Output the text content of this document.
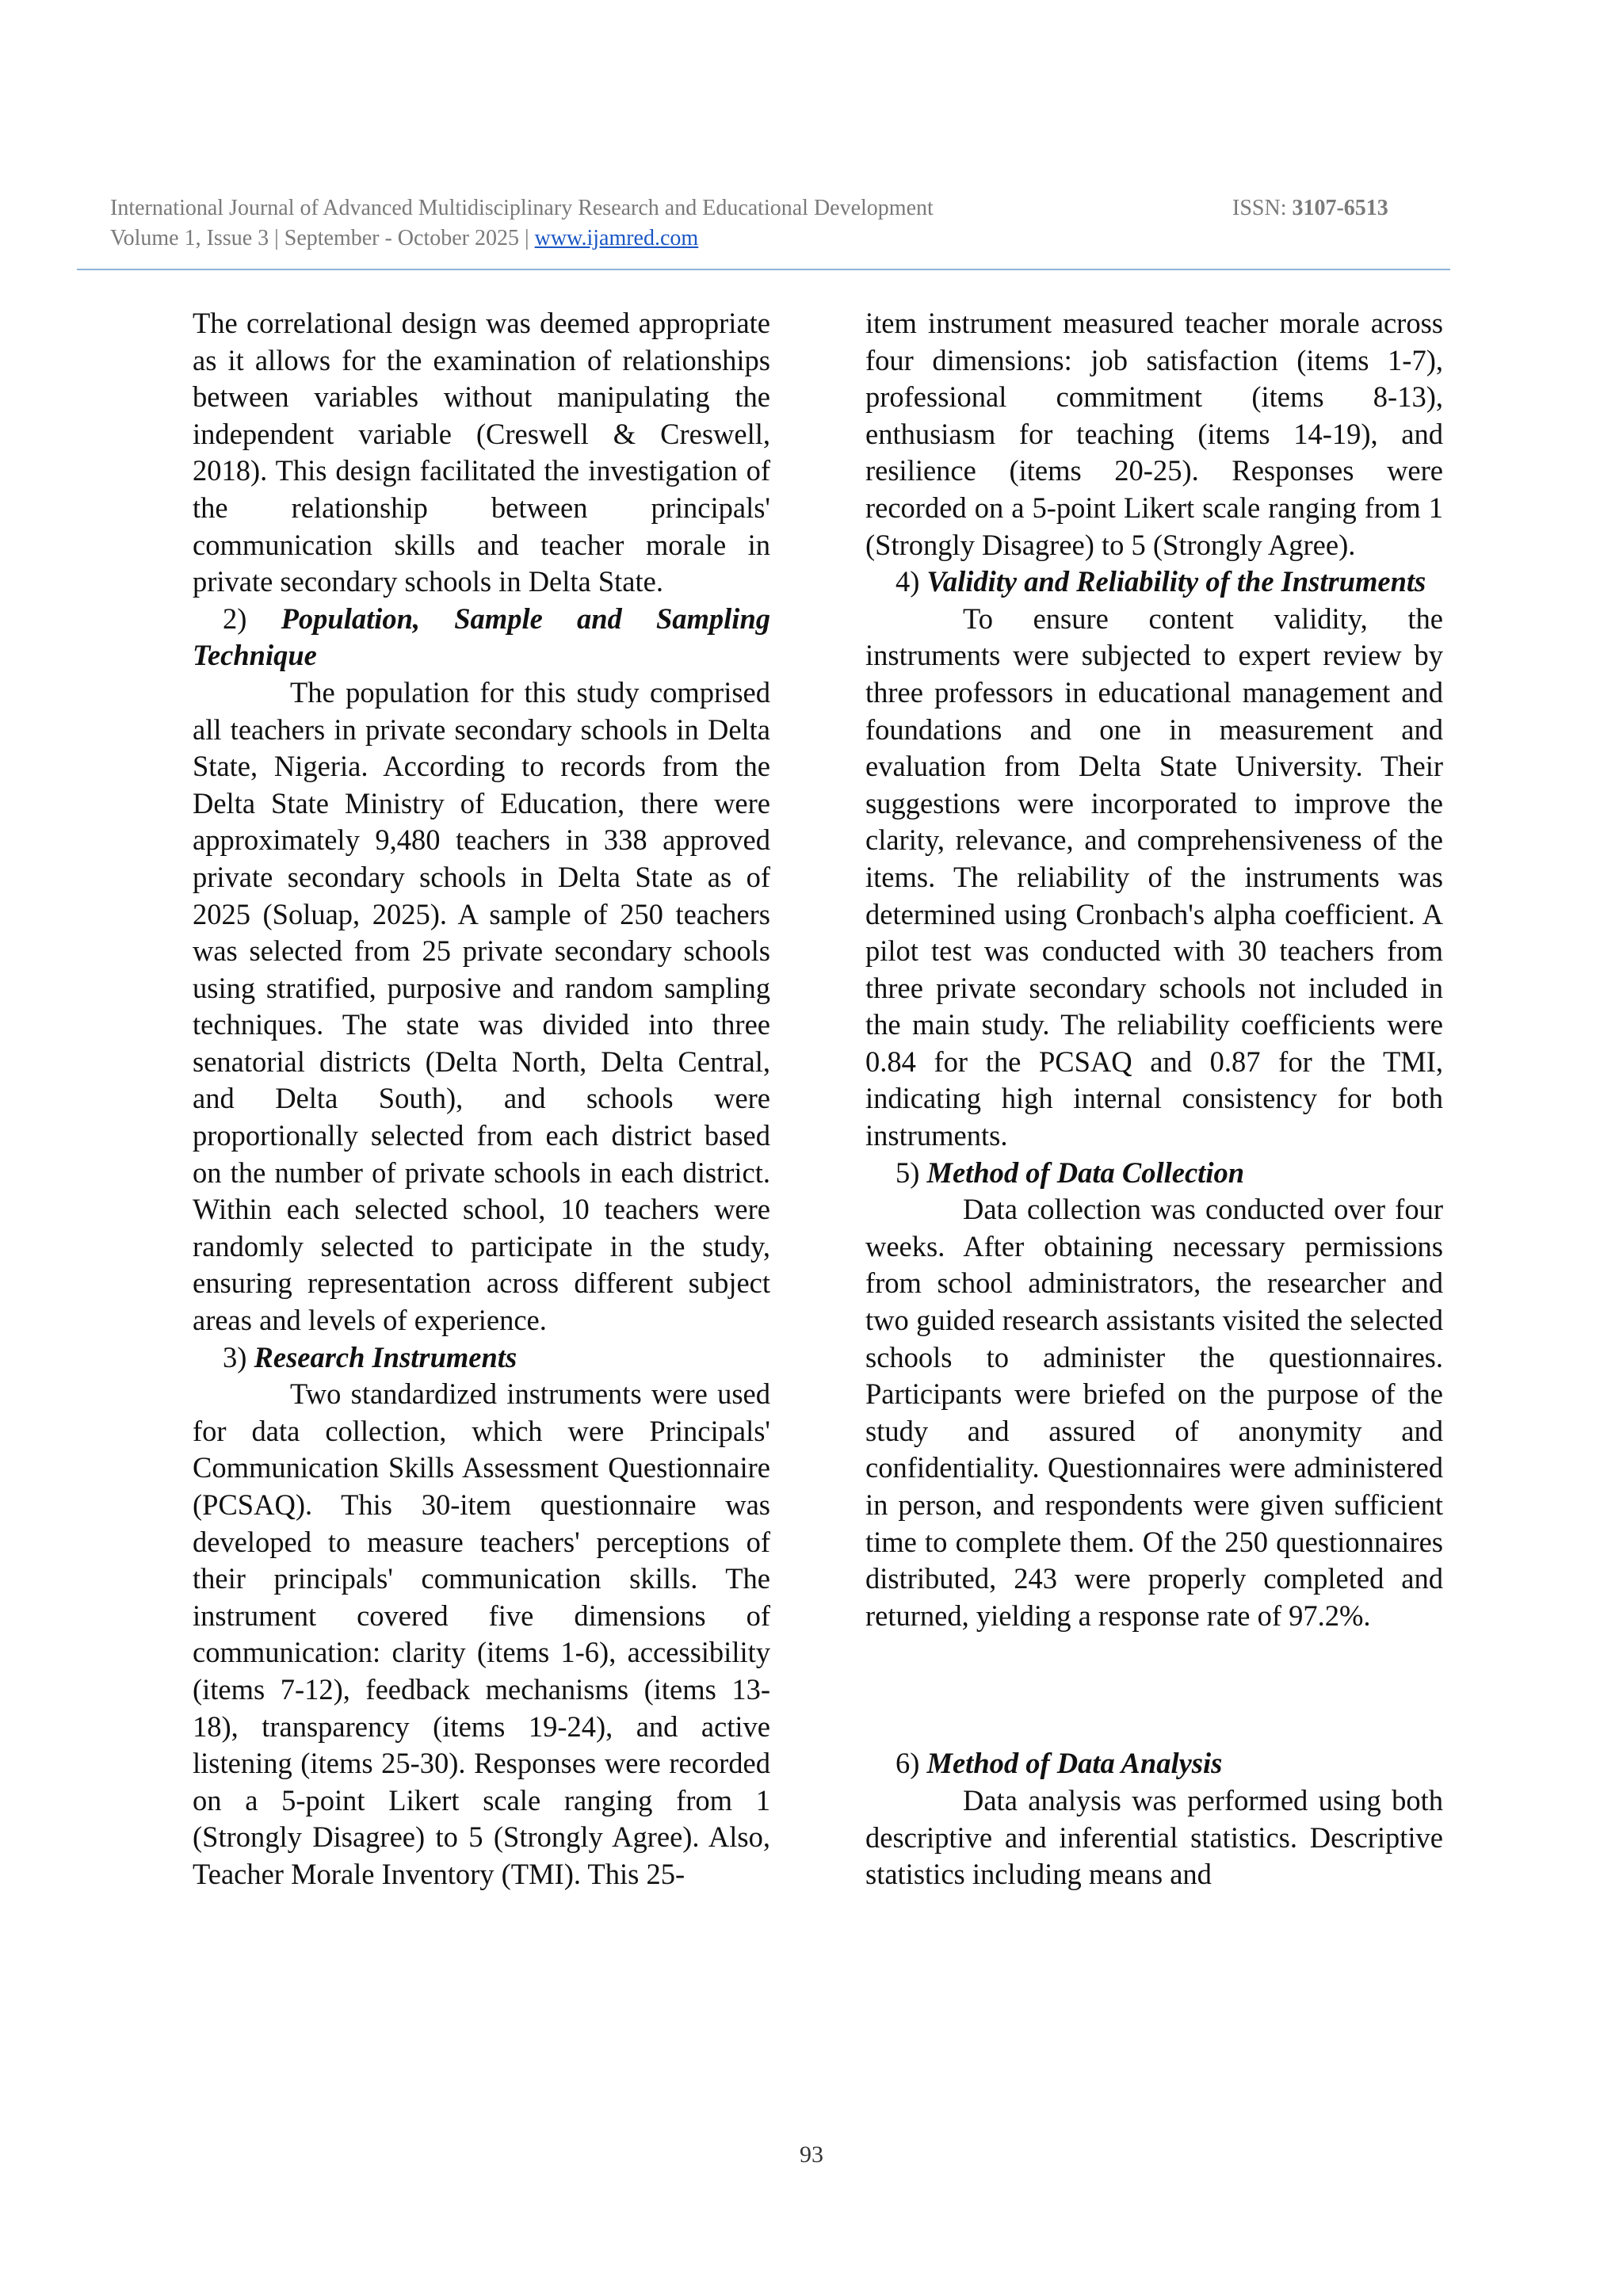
International Journal of Advanced Multidisciplinary Research and Educational Development	ISSN: 3107-6513
Volume 1, Issue 3 | September - October 2025 | www.ijamred.com

The correlational design was deemed appropriate as it allows for the examination of relationships between variables without manipulating the independent variable (Creswell & Creswell, 2018). This design facilitated the investigation of the relationship between principals' communication skills and teacher morale in private secondary schools in Delta State.

2) Population, Sample and Sampling Technique

The population for this study comprised all teachers in private secondary schools in Delta State, Nigeria. According to records from the Delta State Ministry of Education, there were approximately 9,480 teachers in 338 approved private secondary schools in Delta State as of 2025 (Soluap, 2025). A sample of 250 teachers was selected from 25 private secondary schools using stratified, purposive and random sampling techniques. The state was divided into three senatorial districts (Delta North, Delta Central, and Delta South), and schools were proportionally selected from each district based on the number of private schools in each district. Within each selected school, 10 teachers were randomly selected to participate in the study, ensuring representation across different subject areas and levels of experience.

3) Research Instruments

Two standardized instruments were used for data collection, which were Principals' Communication Skills Assessment Questionnaire (PCSAQ). This 30-item questionnaire was developed to measure teachers' perceptions of their principals' communication skills. The instrument covered five dimensions of communication: clarity (items 1-6), accessibility (items 7-12), feedback mechanisms (items 13-18), transparency (items 19-24), and active listening (items 25-30). Responses were recorded on a 5-point Likert scale ranging from 1 (Strongly Disagree) to 5 (Strongly Agree). Also, Teacher Morale Inventory (TMI). This 25-

item instrument measured teacher morale across four dimensions: job satisfaction (items 1-7), professional commitment (items 8-13), enthusiasm for teaching (items 14-19), and resilience (items 20-25). Responses were recorded on a 5-point Likert scale ranging from 1 (Strongly Disagree) to 5 (Strongly Agree).

4) Validity and Reliability of the Instruments

To ensure content validity, the instruments were subjected to expert review by three professors in educational management and foundations and one in measurement and evaluation from Delta State University. Their suggestions were incorporated to improve the clarity, relevance, and comprehensiveness of the items. The reliability of the instruments was determined using Cronbach's alpha coefficient. A pilot test was conducted with 30 teachers from three private secondary schools not included in the main study. The reliability coefficients were 0.84 for the PCSAQ and 0.87 for the TMI, indicating high internal consistency for both instruments.

5) Method of Data Collection

Data collection was conducted over four weeks. After obtaining necessary permissions from school administrators, the researcher and two guided research assistants visited the selected schools to administer the questionnaires. Participants were briefed on the purpose of the study and assured of anonymity and confidentiality. Questionnaires were administered in person, and respondents were given sufficient time to complete them. Of the 250 questionnaires distributed, 243 were properly completed and returned, yielding a response rate of 97.2%.

6) Method of Data Analysis

Data analysis was performed using both descriptive and inferential statistics. Descriptive statistics including means and

93
